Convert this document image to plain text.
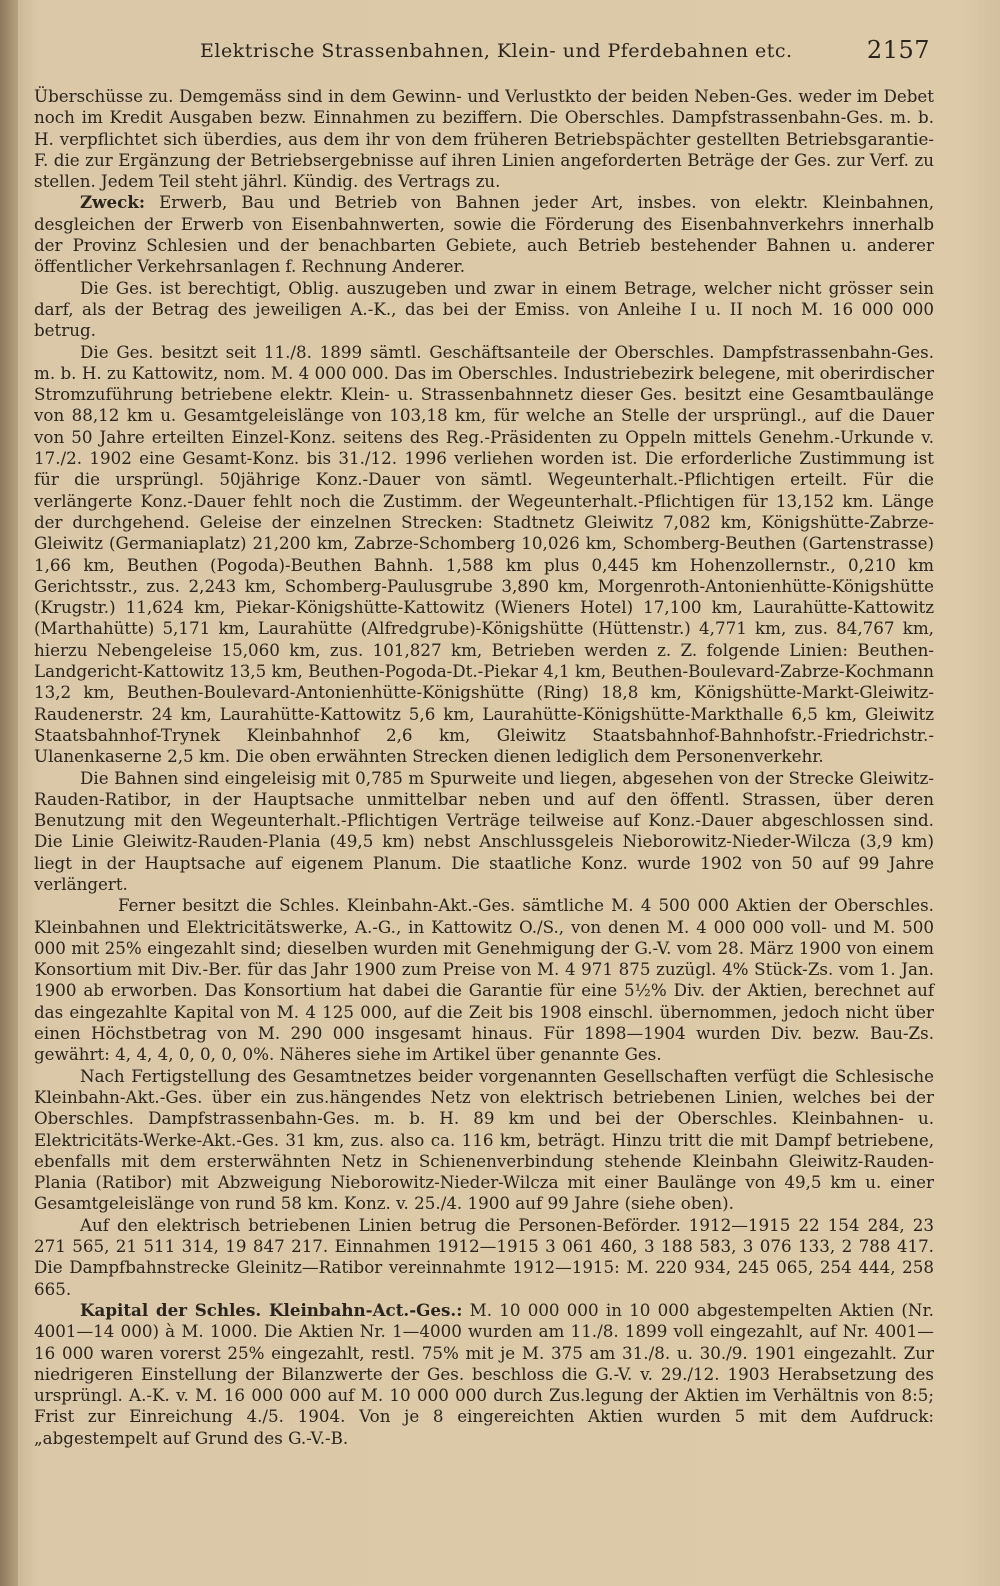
Elektrische Strassenbahnen, Klein- und Pferdebahnen etc.	2157

Überschüsse zu. Demgemäss sind in dem Gewinn- und Verlustkto der beiden Neben-Ges. weder im Debet noch im Kredit Ausgaben bezw. Einnahmen zu beziffern. Die Oberschles. Dampfstrassenbahn-Ges. m. b. H. verpflichtet sich überdies, aus dem ihr von dem früheren Betriebspächter gestellten Betriebsgarantie-F. die zur Ergänzung der Betriebsergebnisse auf ihren Linien angeforderten Beträge der Ges. zur Verf. zu stellen. Jedem Teil steht jährl. Kündig. des Vertrags zu.

Zweck: Erwerb, Bau und Betrieb von Bahnen jeder Art, insbes. von elektr. Kleinbahnen, desgleichen der Erwerb von Eisenbahnwerten, sowie die Förderung des Eisenbahnverkehrs innerhalb der Provinz Schlesien und der benachbarten Gebiete, auch Betrieb bestehender Bahnen u. anderer öffentlicher Verkehrsanlagen f. Rechnung Anderer.

Die Ges. ist berechtigt, Oblig. auszugeben und zwar in einem Betrage, welcher nicht grösser sein darf, als der Betrag des jeweiligen A.-K., das bei der Emiss. von Anleihe I u. II noch M. 16 000 000 betrug.

Die Ges. besitzt seit 11./8. 1899 sämtl. Geschäftsanteile der Oberschles. Dampfstrassenbahn-Ges. m. b. H. zu Kattowitz, nom. M. 4 000 000. Das im Oberschles. Industriebezirk belegene, mit oberirdischer Stromzuführung betriebene elektr. Klein- u. Strassenbahnnetz dieser Ges. besitzt eine Gesamtbaulänge von 88,12 km u. Gesamtgeleislänge von 103,18 km, für welche an Stelle der ursprüngl., auf die Dauer von 50 Jahre erteilten Einzel-Konz. seitens des Reg.-Präsidenten zu Oppeln mittels Genehm.-Urkunde v. 17./2. 1902 eine Gesamt-Konz. bis 31./12. 1996 verliehen worden ist. Die erforderliche Zustimmung ist für die ursprüngl. 50jährige Konz.-Dauer von sämtl. Wegeunterhalt.-Pflichtigen erteilt. Für die verlängerte Konz.-Dauer fehlt noch die Zustimm. der Wegeunterhalt.-Pflichtigen für 13,152 km. Länge der durchgehend. Geleise der einzelnen Strecken: Stadtnetz Gleiwitz 7,082 km, Königshütte-Zabrze-Gleiwitz (Germaniaplatz) 21,200 km, Zabrze-Schomberg 10,026 km, Schomberg-Beuthen (Gartenstrasse) 1,66 km, Beuthen (Pogoda)-Beuthen Bahnh. 1,588 km plus 0,445 km Hohenzollernstr., 0,210 km Gerichtsstr., zus. 2,243 km, Schomberg-Paulusgrube 3,890 km, Morgenroth-Antonienhütte-Königshütte (Krugstr.) 11,624 km, Piekar-Königshütte-Kattowitz (Wieners Hotel) 17,100 km, Laurahütte-Kattowitz (Marthahütte) 5,171 km, Laurahütte (Alfredgrube)-Königshütte (Hüttenstr.) 4,771 km, zus. 84,767 km, hierzu Nebengeleise 15,060 km, zus. 101,827 km, Betrieben werden z. Z. folgende Linien: Beuthen-Landgericht-Kattowitz 13,5 km, Beuthen-Pogoda-Dt.-Piekar 4,1 km, Beuthen-Boulevard-Zabrze-Kochmann 13,2 km, Beuthen-Boulevard-Antonienhütte-Königshütte (Ring) 18,8 km, Königshütte-Markt-Gleiwitz-Raudenerstr. 24 km, Laurahütte-Kattowitz 5,6 km, Laurahütte-Königshütte-Markthalle 6,5 km, Gleiwitz Staatsbahnhof-Trynek Kleinbahnhof 2,6 km, Gleiwitz Staatsbahnhof-Bahnhofstr.-Friedrichstr.-Ulanenkaserne 2,5 km. Die oben erwähnten Strecken dienen lediglich dem Personenverkehr.

Die Bahnen sind eingeleisig mit 0,785 m Spurweite und liegen, abgesehen von der Strecke Gleiwitz-Rauden-Ratibor, in der Hauptsache unmittelbar neben und auf den öffentl. Strassen, über deren Benutzung mit den Wegeunterhalt.-Pflichtigen Verträge teilweise auf Konz.-Dauer abgeschlossen sind. Die Linie Gleiwitz-Rauden-Plania (49,5 km) nebst Anschlussgeleis Nieborowitz-Nieder-Wilcza (3,9 km) liegt in der Hauptsache auf eigenem Planum. Die staatliche Konz. wurde 1902 von 50 auf 99 Jahre verlängert.

Ferner besitzt die Schles. Kleinbahn-Akt.-Ges. sämtliche M. 4 500 000 Aktien der Oberschles. Kleinbahnen und Elektricitätswerke, A.-G., in Kattowitz O./S., von denen M. 4 000 000 voll- und M. 500 000 mit 25% eingezahlt sind; dieselben wurden mit Genehmigung der G.-V. vom 28. März 1900 von einem Konsortium mit Div.-Ber. für das Jahr 1900 zum Preise von M. 4 971 875 zuzügl. 4% Stück-Zs. vom 1. Jan. 1900 ab erworben. Das Konsortium hat dabei die Garantie für eine 5½% Div. der Aktien, berechnet auf das eingezahlte Kapital von M. 4 125 000, auf die Zeit bis 1908 einschl. übernommen, jedoch nicht über einen Höchstbetrag von M. 290 000 insgesamt hinaus. Für 1898—1904 wurden Div. bezw. Bau-Zs. gewährt: 4, 4, 4, 0, 0, 0, 0%. Näheres siehe im Artikel über genannte Ges.

Nach Fertigstellung des Gesamtnetzes beider vorgenannten Gesellschaften verfügt die Schlesische Kleinbahn-Akt.-Ges. über ein zus.hängendes Netz von elektrisch betriebenen Linien, welches bei der Oberschles. Dampfstrassenbahn-Ges. m. b. H. 89 km und bei der Oberschles. Kleinbahnen- u. Elektricitäts-Werke-Akt.-Ges. 31 km, zus. also ca. 116 km, beträgt. Hinzu tritt die mit Dampf betriebene, ebenfalls mit dem ersterwähnten Netz in Schienenverbindung stehende Kleinbahn Gleiwitz-Rauden-Plania (Ratibor) mit Abzweigung Nieborowitz-Nieder-Wilcza mit einer Baulänge von 49,5 km u. einer Gesamtgeleislänge von rund 58 km. Konz. v. 25./4. 1900 auf 99 Jahre (siehe oben).

Auf den elektrisch betriebenen Linien betrug die Personen-Beförder. 1912—1915 22 154 284, 23 271 565, 21 511 314, 19 847 217. Einnahmen 1912—1915 3 061 460, 3 188 583, 3 076 133, 2 788 417. Die Dampfbahnstrecke Gleinitz—Ratibor vereinnahmte 1912—1915: M. 220 934, 245 065, 254 444, 258 665.

Kapital der Schles. Kleinbahn-Act.-Ges.: M. 10 000 000 in 10 000 abgestempelten Aktien (Nr. 4001—14 000) à M. 1000. Die Aktien Nr. 1—4000 wurden am 11./8. 1899 voll eingezahlt, auf Nr. 4001—16 000 waren vorerst 25% eingezahlt, restl. 75% mit je M. 375 am 31./8. u. 30./9. 1901 eingezahlt. Zur niedrigeren Einstellung der Bilanzwerte der Ges. beschloss die G.-V. v. 29./12. 1903 Herabsetzung des ursprüngl. A.-K. v. M. 16 000 000 auf M. 10 000 000 durch Zus.legung der Aktien im Verhältnis von 8:5; Frist zur Einreichung 4./5. 1904. Von je 8 eingereichten Aktien wurden 5 mit dem Aufdruck: „abgestempelt auf Grund des G.-V.-B.
